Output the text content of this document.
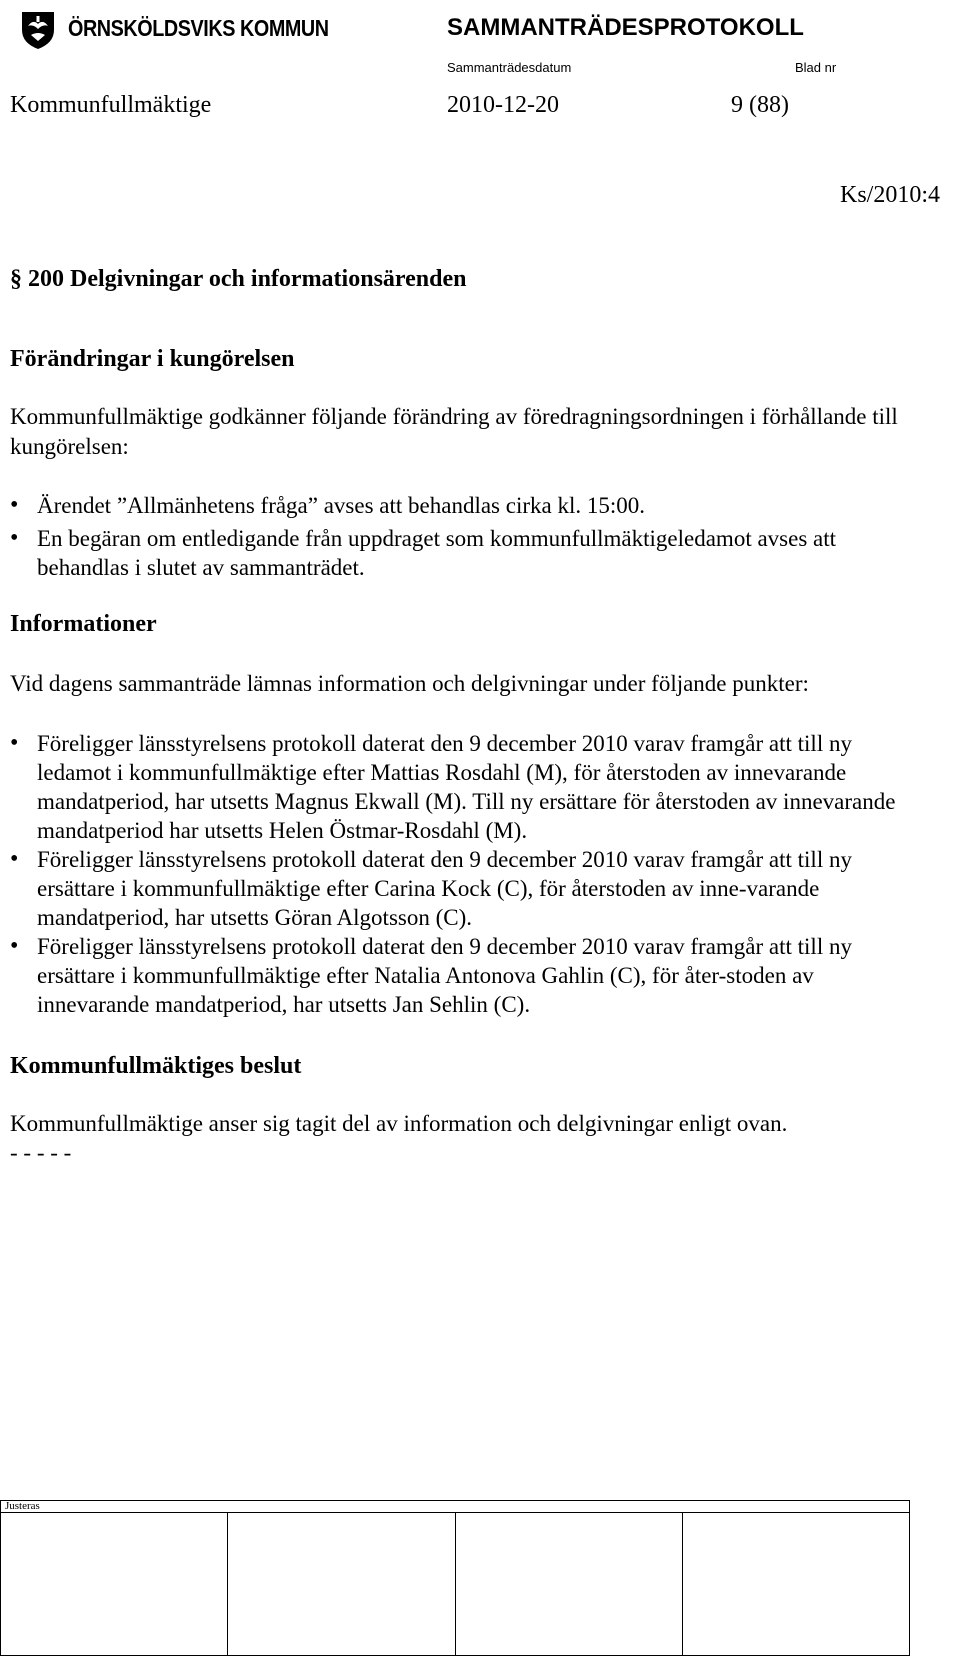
ÖRNSKÖLDSVIKS KOMMUN	SAMMANTRÄDESPROTOKOLL
Sammanträdesdatum	Blad nr
Kommunfullmäktige	2010-12-20	9 (88)
Ks/2010:4
§ 200 Delgivningar och informationsärenden
Förändringar i kungörelsen
Kommunfullmäktige godkänner följande förändring av föredragningsordningen i förhållande till kungörelsen:
• Ärendet ”Allmänhetens fråga” avses att behandlas cirka kl. 15:00.
• En begäran om entledigande från uppdraget som kommunfullmäktigeledamot avses att behandlas i slutet av sammanträdet.
Informationer
Vid dagens sammanträde lämnas information och delgivningar under följande punkter:
• Föreligger länsstyrelsens protokoll daterat den 9 december 2010 varav framgår att till ny ledamot i kommunfullmäktige efter Mattias Rosdahl (M), för återstoden av innevarande mandatperiod, har utsetts Magnus Ekwall (M). Till ny ersättare för återstoden av innevarande mandatperiod har utsetts Helen Östmar-Rosdahl (M).
• Föreligger länsstyrelsens protokoll daterat den 9 december 2010 varav framgår att till ny ersättare i kommunfullmäktige efter Carina Kock (C), för återstoden av inne-varande mandatperiod, har utsetts Göran Algotsson (C).
• Föreligger länsstyrelsens protokoll daterat den 9 december 2010 varav framgår att till ny ersättare i kommunfullmäktige efter Natalia Antonova Gahlin (C), för åter-stoden av innevarande mandatperiod, har utsetts Jan Sehlin (C).
Kommunfullmäktiges beslut
Kommunfullmäktige anser sig tagit del av information och delgivningar enligt ovan.
- - - - -
Justeras
